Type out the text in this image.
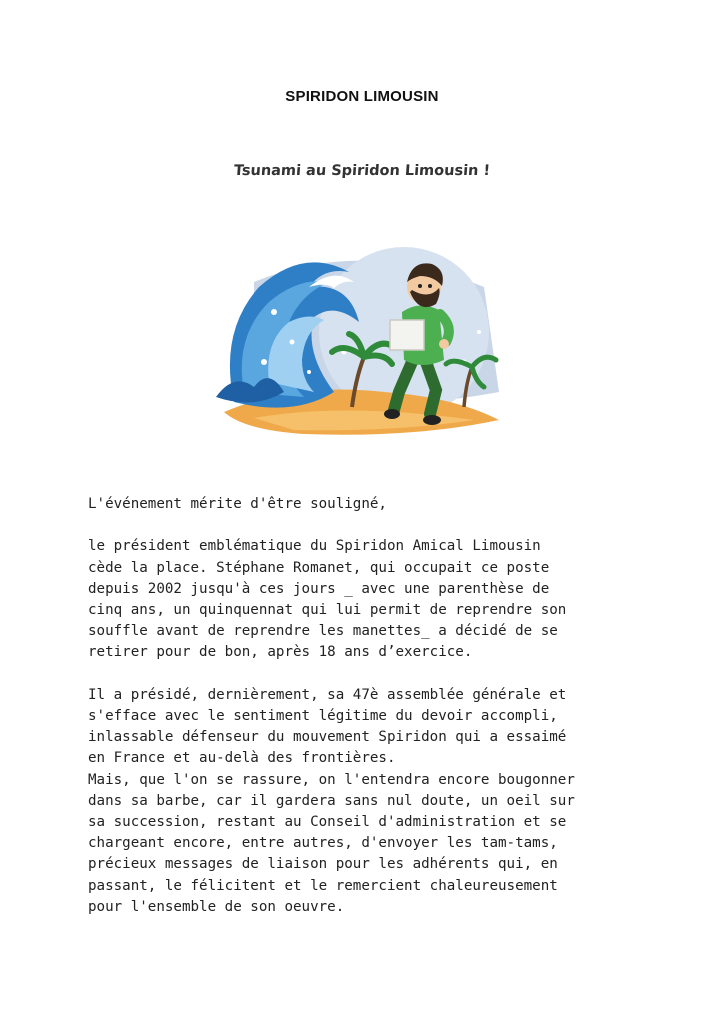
SPIRIDON LIMOUSIN
Tsunami au Spiridon Limousin !

L'événement mérite d'être souligné,

le président emblématique du Spiridon Amical Limousin
cède la place. Stéphane Romanet, qui occupait ce poste
depuis 2002 jusqu'à ces jours _ avec une parenthèse de
cinq ans, un quinquennat qui lui permit de reprendre son
souffle avant de reprendre les manettes_ a décidé de se
retirer pour de bon, après 18 ans d’exercice.

Il a présidé, dernièrement, sa 47è assemblée générale et
s'efface avec le sentiment légitime du devoir accompli,
inlassable défenseur du mouvement Spiridon qui a essaimé
en France et au-delà des frontières.
Mais, que l'on se rassure, on l'entendra encore bougonner
dans sa barbe, car il gardera sans nul doute, un oeil sur
sa succession, restant au Conseil d'administration et se
chargeant encore, entre autres, d'envoyer les tam-tams,
précieux messages de liaison pour les adhérents qui, en
passant, le félicitent et le remercient chaleureusement
pour l'ensemble de son oeuvre.
